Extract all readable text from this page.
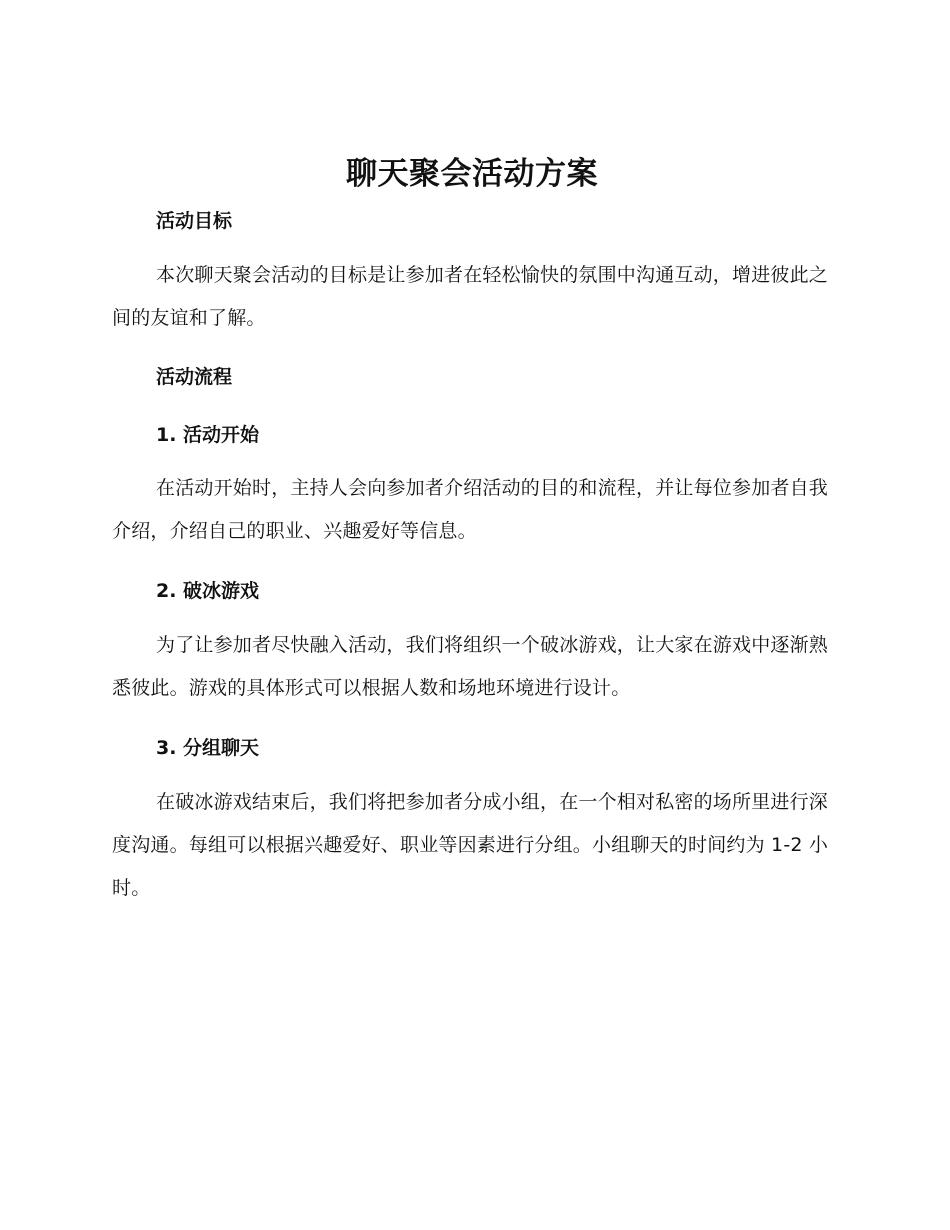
聊天聚会活动方案
活动目标

本次聊天聚会活动的目标是让参加者在轻松愉快的氛围中沟通互动，增进彼此之间的友谊和了解。

活动流程
1. 活动开始

在活动开始时，主持人会向参加者介绍活动的目的和流程，并让每位参加者自我介绍，介绍自己的职业、兴趣爱好等信息。

2. 破冰游戏

为了让参加者尽快融入活动，我们将组织一个破冰游戏，让大家在游戏中逐渐熟悉彼此。游戏的具体形式可以根据人数和场地环境进行设计。

3. 分组聊天

在破冰游戏结束后，我们将把参加者分成小组，在一个相对私密的场所里进行深度沟通。每组可以根据兴趣爱好、职业等因素进行分组。小组聊天的时间约为 1-2 小时。
